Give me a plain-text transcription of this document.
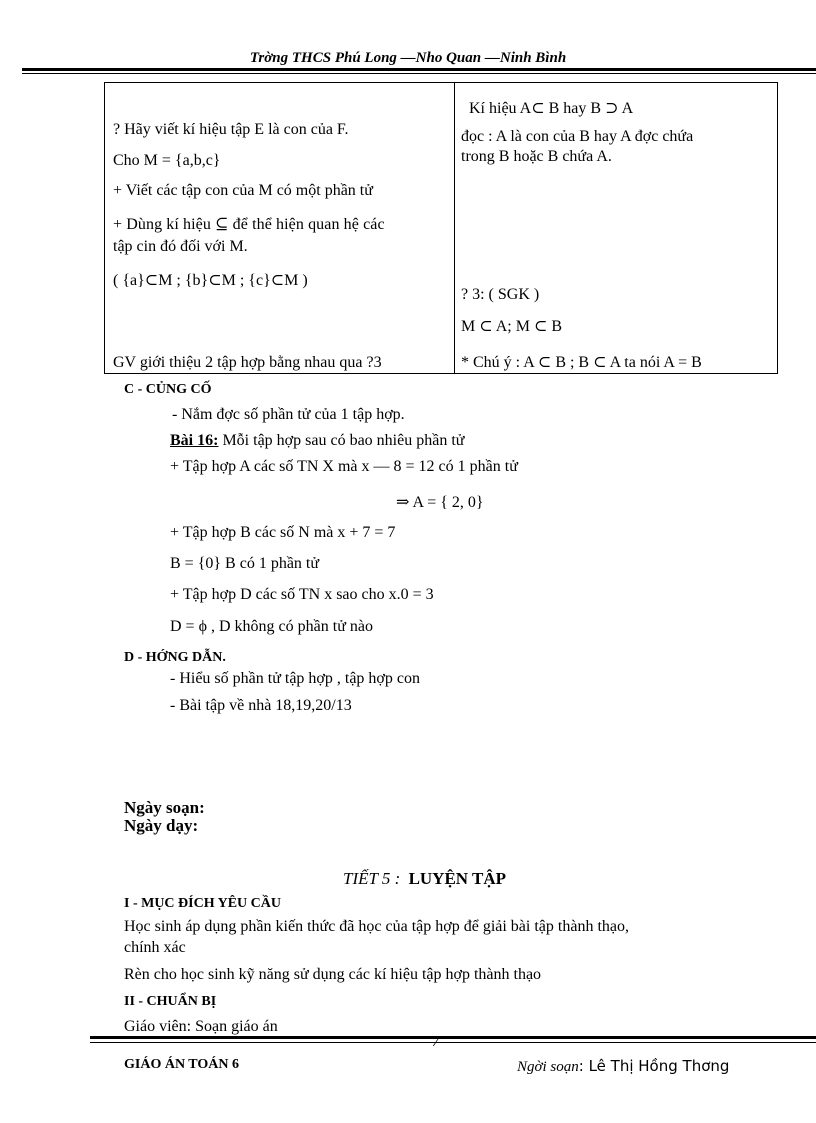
Trờng THCS Phú Long —Nho Quan —Ninh Bình
? Hãy viết kí hiệu tập E là con của F.
Cho M = {a,b,c}
+ Viết các tập con của M có một phần tử
+ Dùng kí hiệu ⊆ để thể hiện quan hệ các
tập cin đó đối với M.
( {a}⊂M ; {b}⊂M ; {c}⊂M )
GV giới thiệu 2 tập hợp bằng nhau qua ?3
Kí hiệu A⊂ B hay B ⊃ A
đọc : A là con của B hay A đợc chứa
trong B hoặc B chứa A.
? 3: ( SGK )
M ⊂ A; M ⊂ B
* Chú ý : A ⊂ B ; B ⊂ A ta nói A = B
C - CỦNG CỐ
- Nắm đợc số phần tử của 1 tập hợp.
Bài 16: Mỗi tập hợp sau có bao nhiêu phần tử
+ Tập hợp A các số TN X mà x — 8 = 12 có 1 phần tử
⇒ A = { 2, 0}
+ Tập hợp B các số N mà x + 7 = 7
B = {0} B có 1 phần tử
+ Tập hợp D các số TN x sao cho x.0 = 3
D = ϕ , D không có phần tử nào
D - HỚNG DẪN.
- Hiểu số phần tử tập hợp , tập hợp con
- Bài tập về nhà 18,19,20/13
Ngày soạn:
Ngày dạy:
TIẾT 5 : LUYỆN TẬP
I - MỤC ĐÍCH YÊU CẦU
Học sinh áp dụng phần kiến thức đã học của tập hợp để giải bài tập thành thạo,
chính xác
Rèn cho học sinh kỹ năng sử dụng các kí hiệu tập hợp thành thạo
II - CHUẨN BỊ
Giáo viên: Soạn giáo án
7
GIÁO ÁN TOÁN 6	Ngời soạn: Lê Thị Hồng Thơng
